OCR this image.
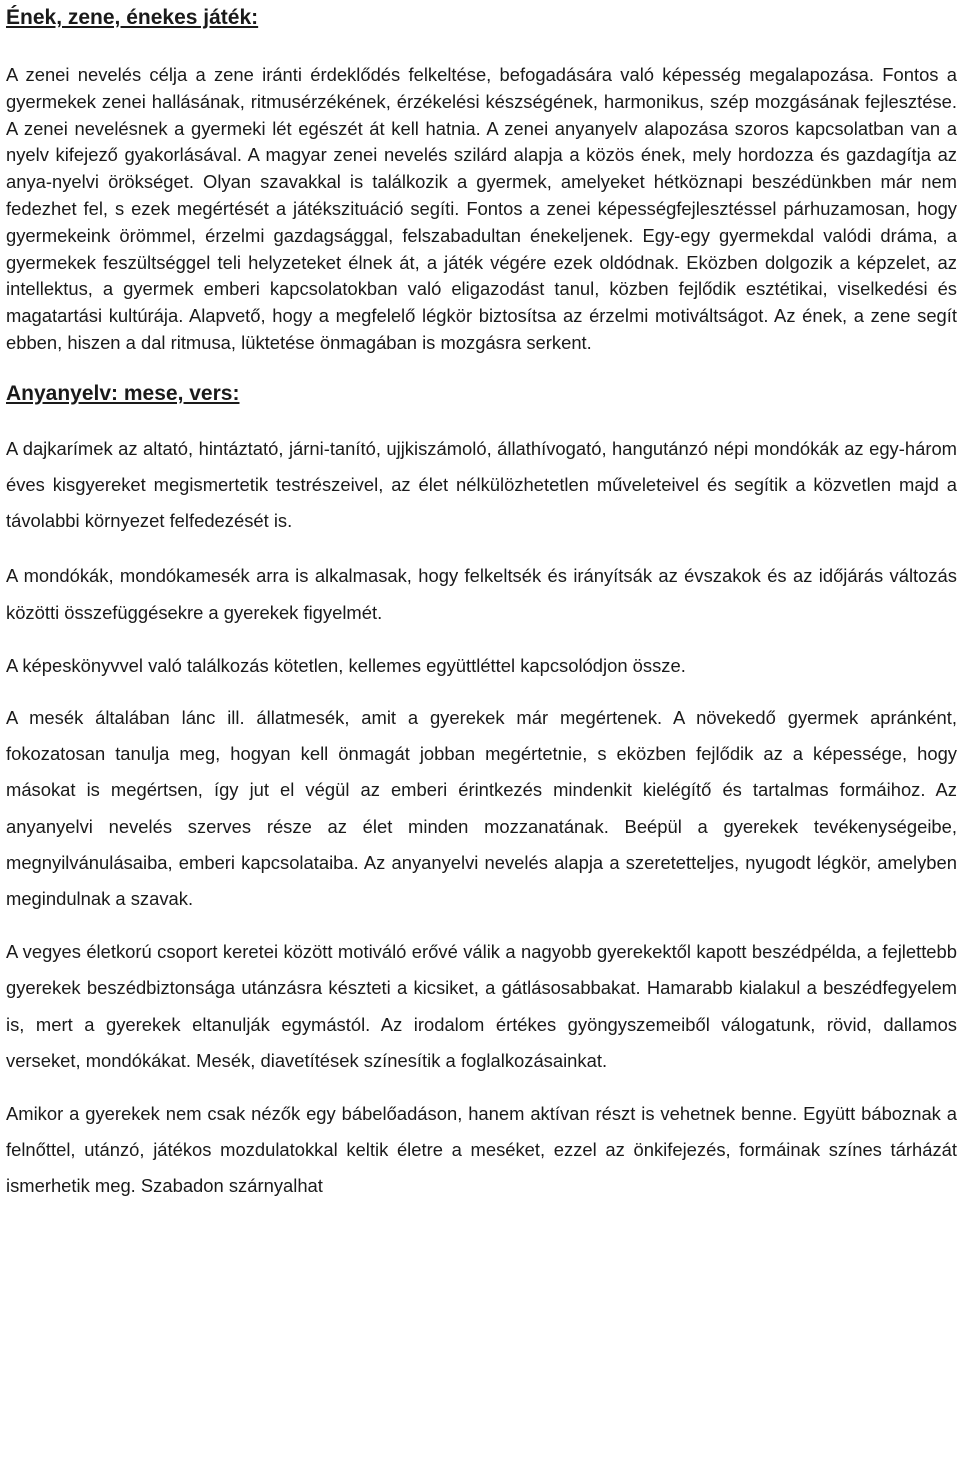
Ének, zene, énekes játék:

A zenei nevelés célja a zene iránti érdeklődés felkeltése, befogadására való képesség megalapozása. Fontos a gyermekek zenei hallásának, ritmusérzékének, érzékelési készségének, harmonikus, szép mozgásának fejlesztése. A zenei nevelésnek a gyermeki lét egészét át kell hatnia. A zenei anyanyelv alapozása szoros kapcsolatban van a nyelv kifejező gyakorlásával. A magyar zenei nevelés szilárd alapja a közös ének, mely hordozza és gazdagítja az anya-nyelvi örökséget. Olyan szavakkal is találkozik a gyermek, amelyeket hétköznapi beszédünkben már nem fedezhet fel, s ezek megértését a játékszituáció segíti. Fontos a zenei képességfejlesztéssel párhuzamosan, hogy gyermekeink örömmel, érzelmi gazdagsággal, felszabadultan énekeljenek. Egy-egy gyermekdal valódi dráma, a gyermekek feszültséggel teli helyzeteket élnek át, a játék végére ezek oldódnak. Eközben dolgozik a képzelet, az intellektus, a gyermek emberi kapcsolatokban való eligazodást tanul, közben fejlődik esztétikai, viselkedési és magatartási kultúrája. Alapvető, hogy a megfelelő légkör biztosítsa az érzelmi motiváltságot. Az ének, a zene segít ebben, hiszen a dal ritmusa, lüktetése önmagában is mozgásra serkent.

Anyanyelv: mese, vers:

A dajkarímek az altató, hintáztató, járni-tanító, ujjkiszámoló, állathívogató, hangutánzó népi mondókák az egy-három éves kisgyereket megismertetik testrészeivel, az élet nélkülözhetetlen műveleteivel és segítik a közvetlen majd a távolabbi környezet felfedezését is.

A mondókák, mondókamesék arra is alkalmasak, hogy felkeltsék és irányítsák az évszakok és az időjárás változás közötti összefüggésekre a gyerekek figyelmét.

A képeskönyvvel való találkozás kötetlen, kellemes együttléttel kapcsolódjon össze.

A mesék általában lánc ill. állatmesék, amit a gyerekek már megértenek. A növekedő gyermek apránként, fokozatosan tanulja meg, hogyan kell önmagát jobban megértetnie, s eközben fejlődik az a képessége, hogy másokat is megértsen, így jut el végül az emberi érintkezés mindenkit kielégítő és tartalmas formáihoz. Az anyanyelvi nevelés szerves része az élet minden mozzanatának. Beépül a gyerekek tevékenységeibe, megnyilvánulásaiba, emberi kapcsolataiba. Az anyanyelvi nevelés alapja a szeretetteljes, nyugodt légkör, amelyben megindulnak a szavak.

A vegyes életkorú csoport keretei között motiváló erővé válik a nagyobb gyerekektől kapott beszédpélda, a fejlettebb gyerekek beszédbiztonsága utánzásra készteti a kicsiket, a gátlásosabbakat. Hamarabb kialakul a beszédfegyelem is, mert a gyerekek eltanulják egymástól. Az irodalom értékes gyöngyszemeiből válogatunk, rövid, dallamos verseket, mondókákat. Mesék, diavetítések színesítik a foglalkozásainkat.

Amikor a gyerekek nem csak nézők egy bábelőadáson, hanem aktívan részt is vehetnek benne. Együtt báboznak a felnőttel, utánzó, játékos mozdulatokkal keltik életre a meséket, ezzel az önkifejezés, formáinak színes tárházát ismerhetik meg. Szabadon szárnyalhat
